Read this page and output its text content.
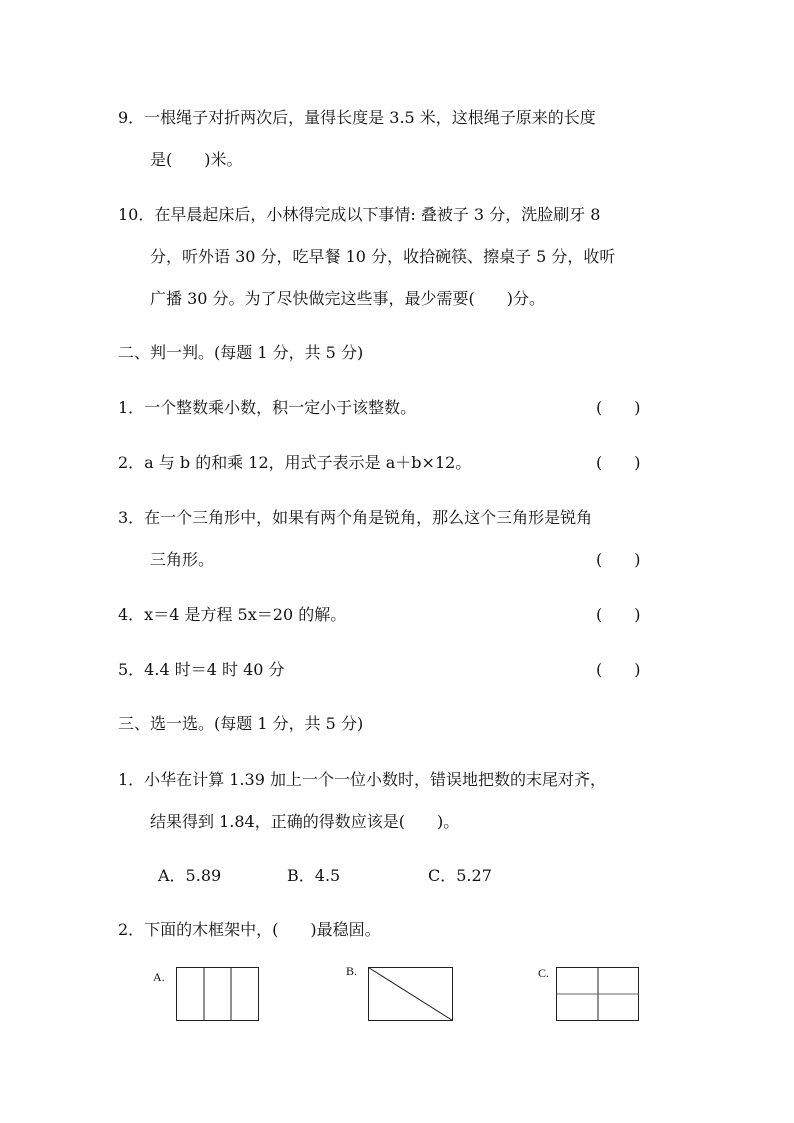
9．一根绳子对折两次后，量得长度是 3.5 米，这根绳子原来的长度
是(　　)米。
10．在早晨起床后，小林得完成以下事情: 叠被子 3 分，洗脸刷牙 8
分，听外语 30 分，吃早餐 10 分，收拾碗筷、擦桌子 5 分，收听
广播 30 分。为了尽快做完这些事，最少需要(　　)分。
二、判一判。(每题 1 分，共 5 分)
1．一个整数乘小数，积一定小于该整数。	(　　)
2．a 与 b 的和乘 12，用式子表示是 a＋b×12。	(　　)
3．在一个三角形中，如果有两个角是锐角，那么这个三角形是锐角
三角形。	(　　)
4．x＝4 是方程 5x＝20 的解。	(　　)
5．4.4 时＝4 时 40 分	(　　)
三、选一选。(每题 1 分，共 5 分)
1．小华在计算 1.39 加上一个一位小数时，错误地把数的末尾对齐，
结果得到 1.84，正确的得数应该是(　　)。
A．5.89	B．4.5	C．5.27
2．下面的木框架中，(　　)最稳固。
A.	B.	C.
